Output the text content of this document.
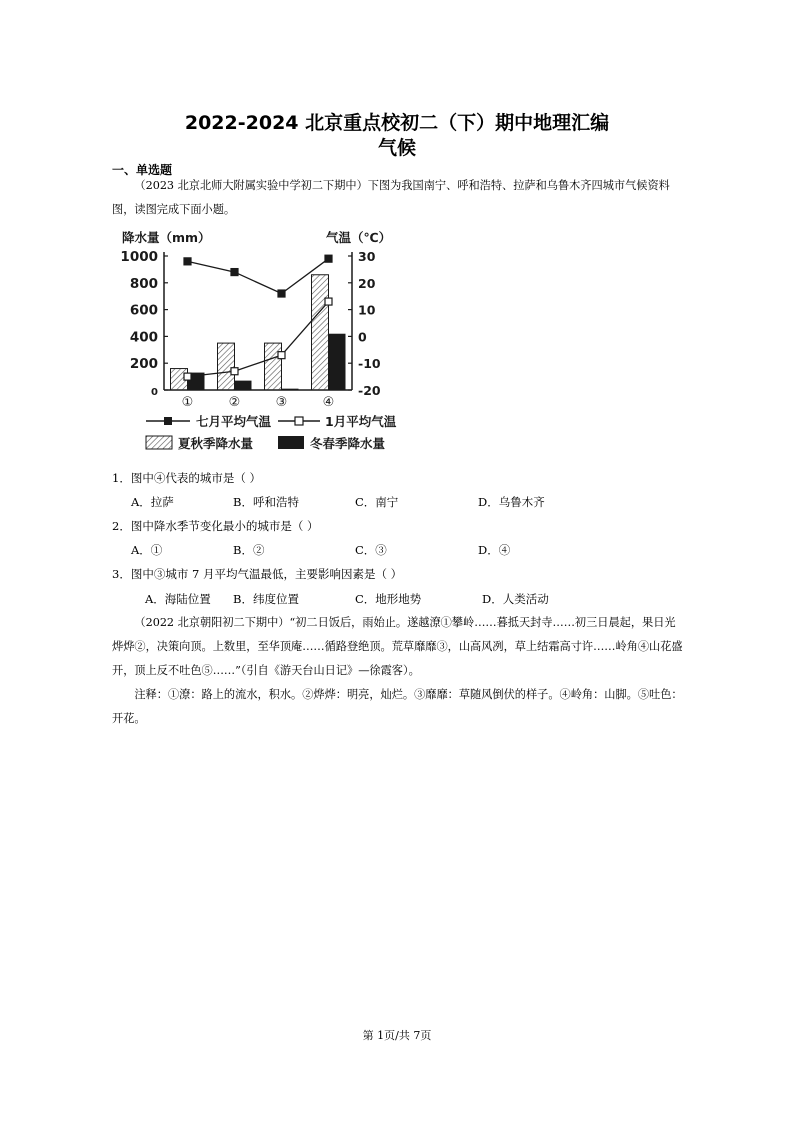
2022-2024 北京重点校初二（下）期中地理汇编
气候
一、单选题
（2023 北京北师大附属实验中学初二下期中）下图为我国南宁、呼和浩特、拉萨和乌鲁木齐四城市气候资料图，读图完成下面小题。
降水量（mm）	气温（℃）
1000
800
600
400
200
0
30
20
10
0
-10
-20
①	②	③	④
七月平均气温	1月平均气温
夏秋季降水量	冬春季降水量
1．图中④代表的城市是（ ）
A．拉萨	B．呼和浩特	C．南宁	D．乌鲁木齐
2．图中降水季节变化最小的城市是（ ）
A．①	B．②	C．③	D．④
3．图中③城市 7 月平均气温最低，主要影响因素是（ ）
A．海陆位置 B．纬度位置	C．地形地势	D．人类活动
（2022 北京朝阳初二下期中）“初二日饭后，雨始止。遂越潦①攀岭……暮抵天封寺……初三日晨起，果日光烨烨②，决策向顶。上数里，至华顶庵……循路登绝顶。荒草靡靡③，山高风冽，草上结霜高寸许……岭角④山花盛开，顶上反不吐色⑤……”（引自《游天台山日记》—徐霞客）。
注释：①潦：路上的流水，积水。②烨烨：明亮，灿烂。③靡靡：草随风倒伏的样子。④岭角：山脚。⑤吐色：开花。
第 1页/共 7页
